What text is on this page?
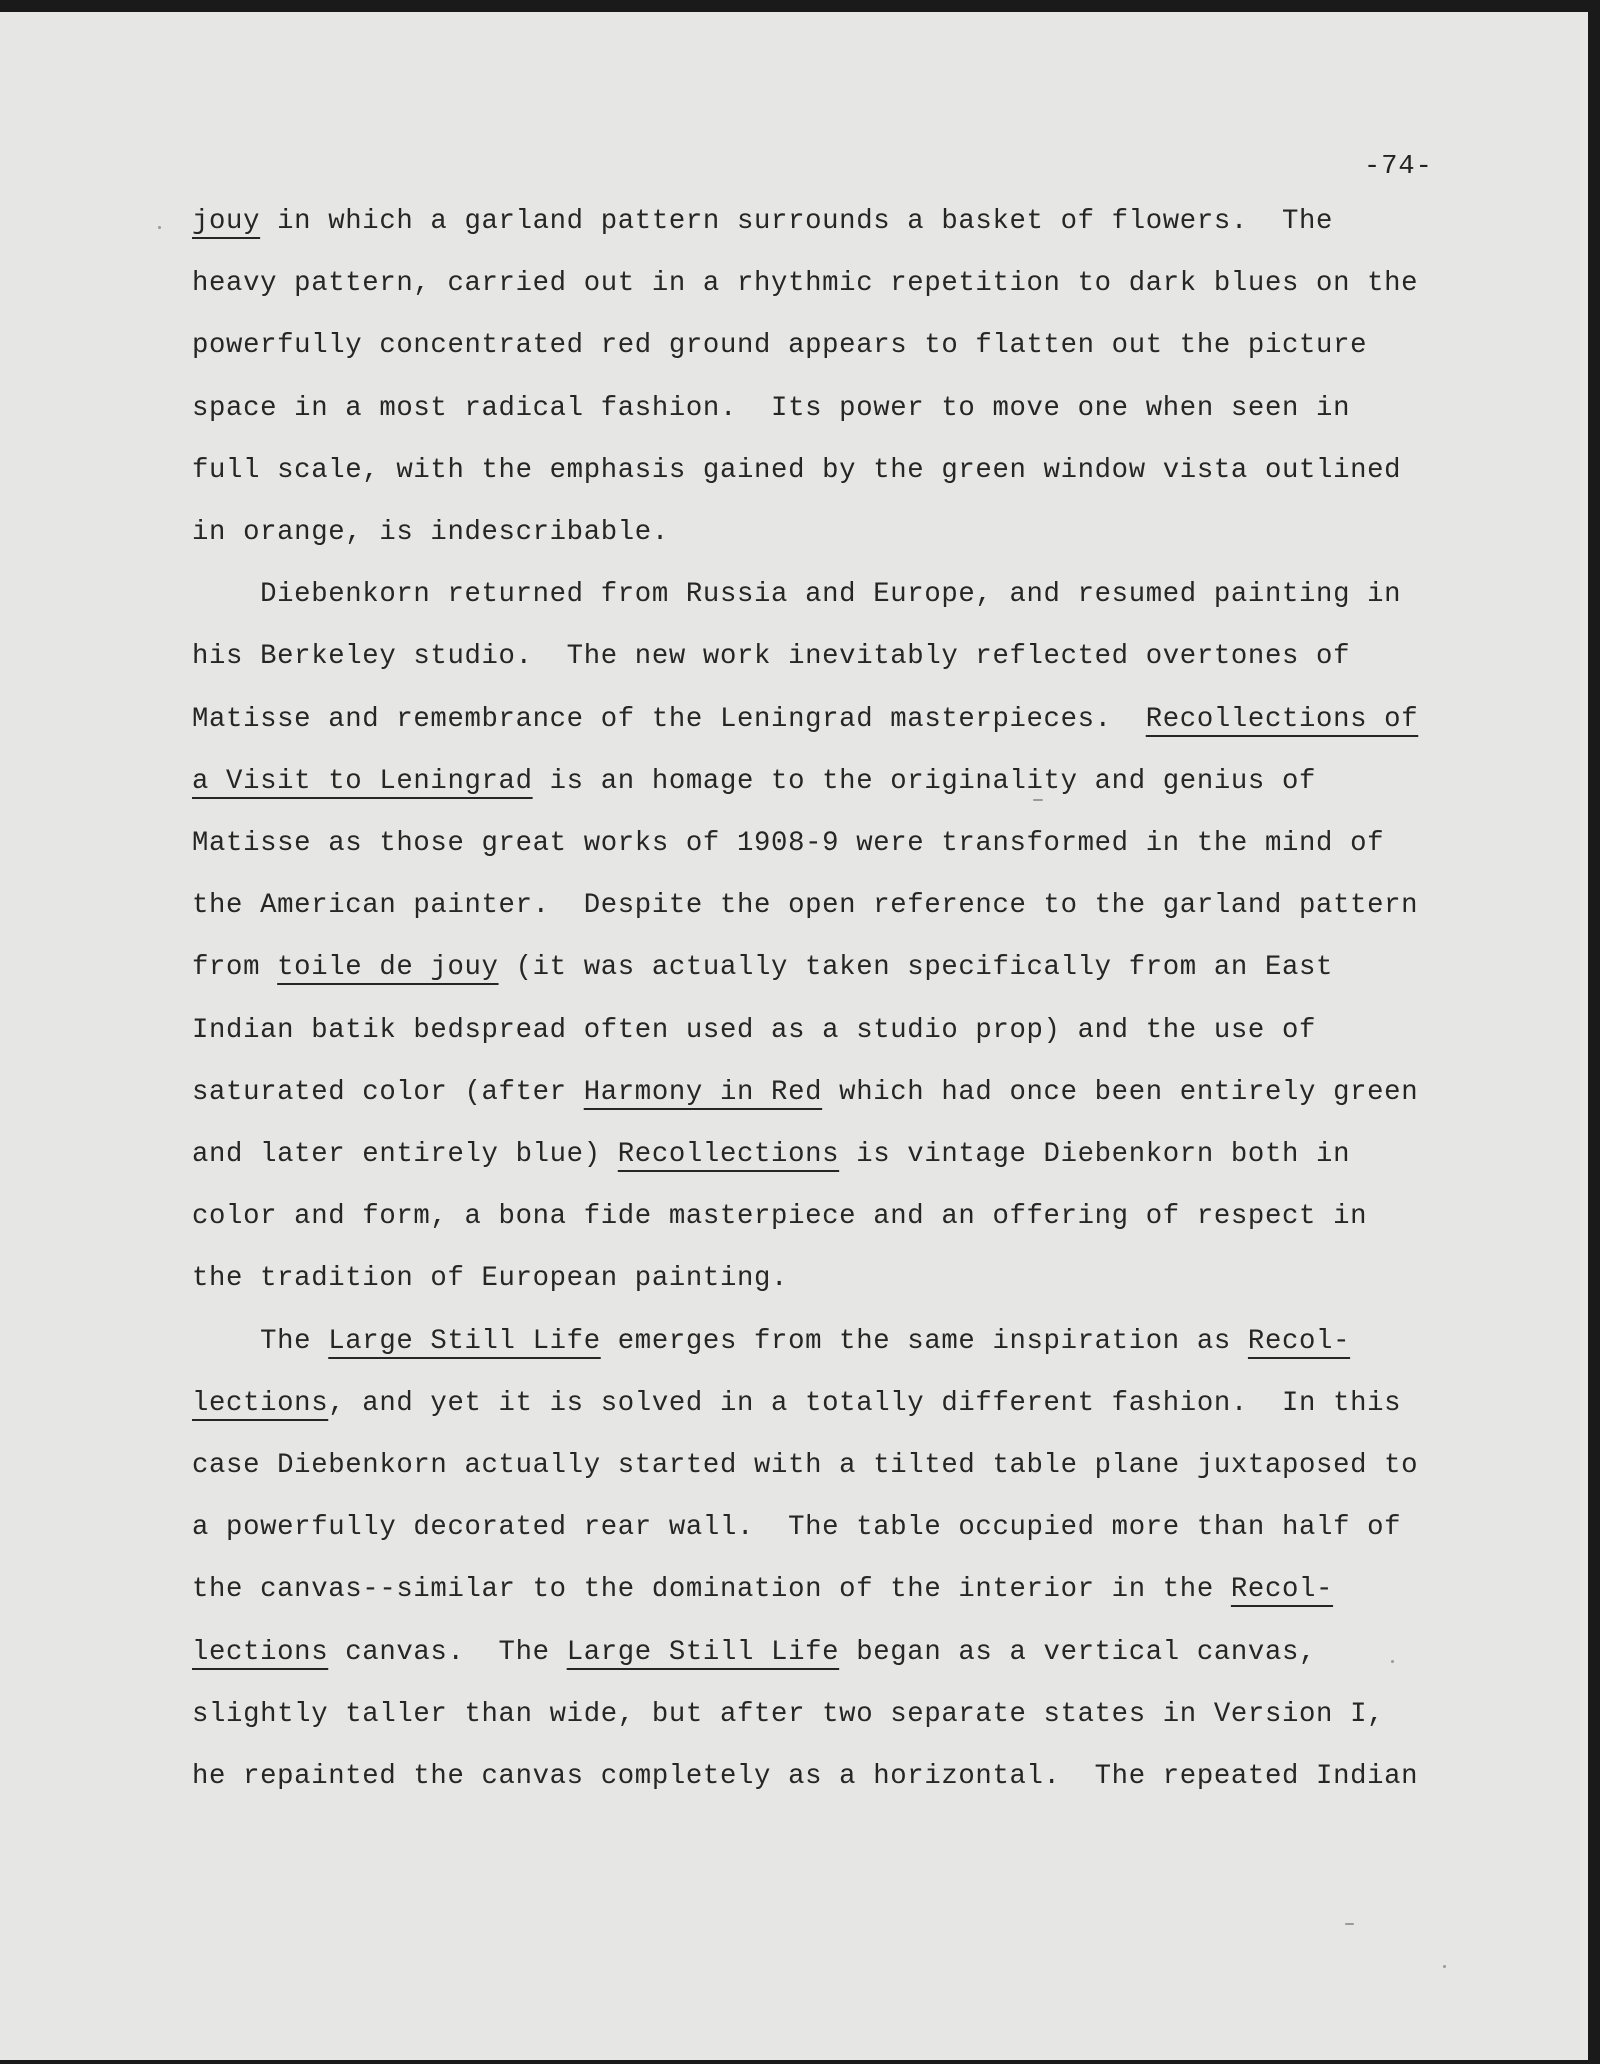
-74-
jouy in which a garland pattern surrounds a basket of flowers.  The
heavy pattern, carried out in a rhythmic repetition to dark blues on the
powerfully concentrated red ground appears to flatten out the picture
space in a most radical fashion.  Its power to move one when seen in
full scale, with the emphasis gained by the green window vista outlined
in orange, is indescribable.
Diebenkorn returned from Russia and Europe, and resumed painting in
his Berkeley studio.  The new work inevitably reflected overtones of
Matisse and remembrance of the Leningrad masterpieces.  Recollections of
a Visit to Leningrad is an homage to the originality and genius of
Matisse as those great works of 1908-9 were transformed in the mind of
the American painter.  Despite the open reference to the garland pattern
from toile de jouy (it was actually taken specifically from an East
Indian batik bedspread often used as a studio prop) and the use of
saturated color (after Harmony in Red which had once been entirely green
and later entirely blue) Recollections is vintage Diebenkorn both in
color and form, a bona fide masterpiece and an offering of respect in
the tradition of European painting.
The Large Still Life emerges from the same inspiration as Recol-
lections, and yet it is solved in a totally different fashion.  In this
case Diebenkorn actually started with a tilted table plane juxtaposed to
a powerfully decorated rear wall.  The table occupied more than half of
the canvas--similar to the domination of the interior in the Recol-
lections canvas.  The Large Still Life began as a vertical canvas,
slightly taller than wide, but after two separate states in Version I,
he repainted the canvas completely as a horizontal.  The repeated Indian
